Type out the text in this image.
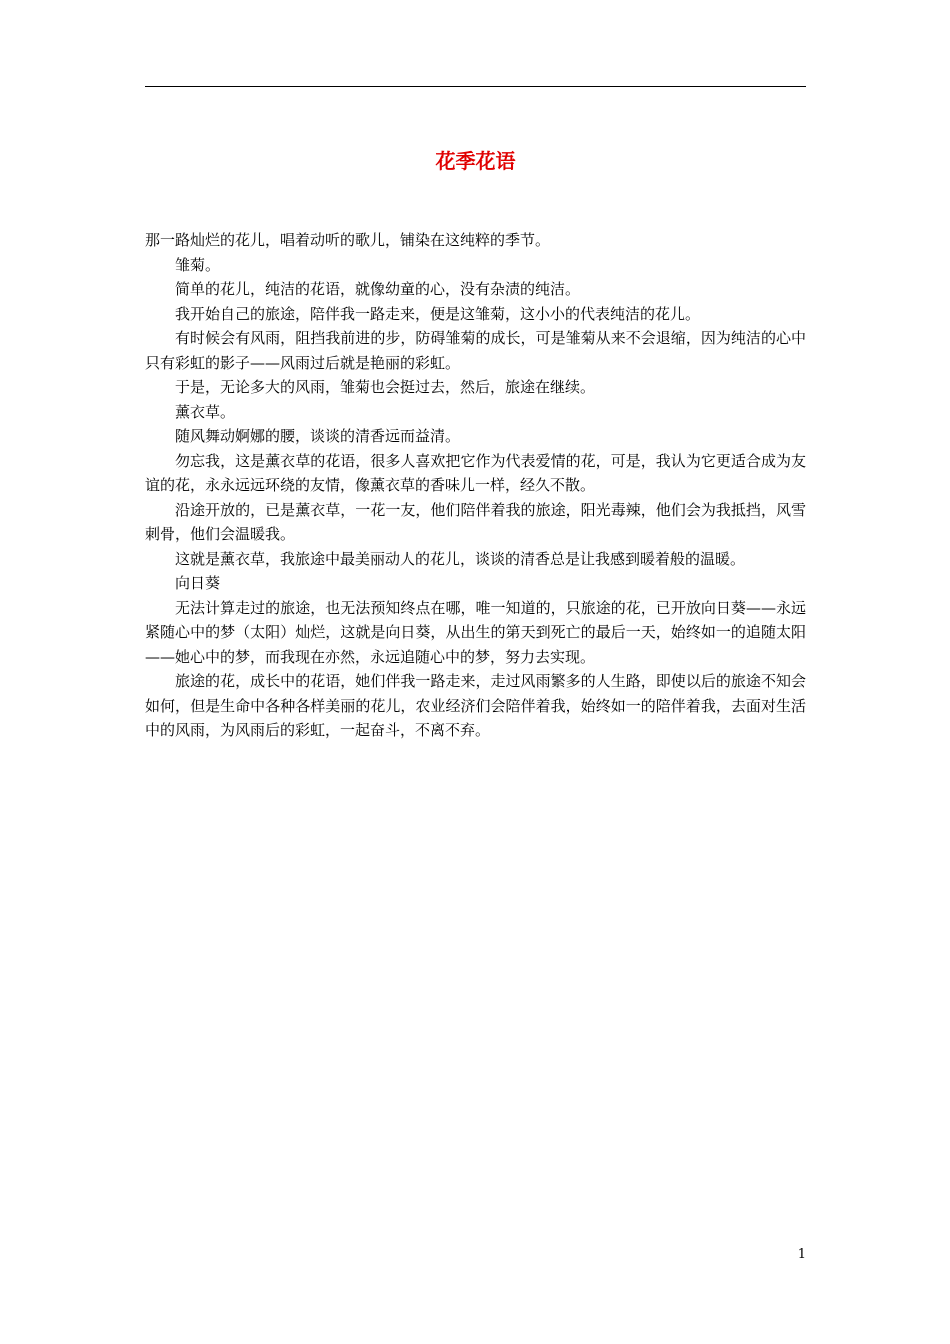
花季花语

那一路灿烂的花儿，唱着动听的歌儿，铺染在这纯粹的季节。

雏菊。

简单的花儿，纯洁的花语，就像幼童的心，没有杂渍的纯洁。

我开始自己的旅途，陪伴我一路走来，便是这雏菊，这小小的代表纯洁的花儿。

有时候会有风雨，阻挡我前进的步，防碍雏菊的成长，可是雏菊从来不会退缩，因为纯洁的心中只有彩虹的影子——风雨过后就是艳丽的彩虹。

于是，无论多大的风雨，雏菊也会挺过去，然后，旅途在继续。

薰衣草。

随风舞动婀娜的腰，谈谈的清香远而益清。

勿忘我，这是薰衣草的花语，很多人喜欢把它作为代表爱情的花，可是，我认为它更适合成为友谊的花，永永远远环绕的友情，像薰衣草的香味儿一样，经久不散。

沿途开放的，已是薰衣草，一花一友，他们陪伴着我的旅途，阳光毒辣，他们会为我抵挡，风雪刺骨，他们会温暖我。

这就是薰衣草，我旅途中最美丽动人的花儿，谈谈的清香总是让我感到暖着般的温暖。

向日葵

无法计算走过的旅途，也无法预知终点在哪，唯一知道的，只旅途的花，已开放向日葵——永远紧随心中的梦（太阳）灿烂，这就是向日葵，从出生的第天到死亡的最后一天，始终如一的追随太阳——她心中的梦，而我现在亦然，永远追随心中的梦，努力去实现。

旅途的花，成长中的花语，她们伴我一路走来，走过风雨繁多的人生路，即使以后的旅途不知会如何，但是生命中各种各样美丽的花儿，农业经济们会陪伴着我，始终如一的陪伴着我，去面对生活中的风雨，为风雨后的彩虹，一起奋斗，不离不弃。

1
